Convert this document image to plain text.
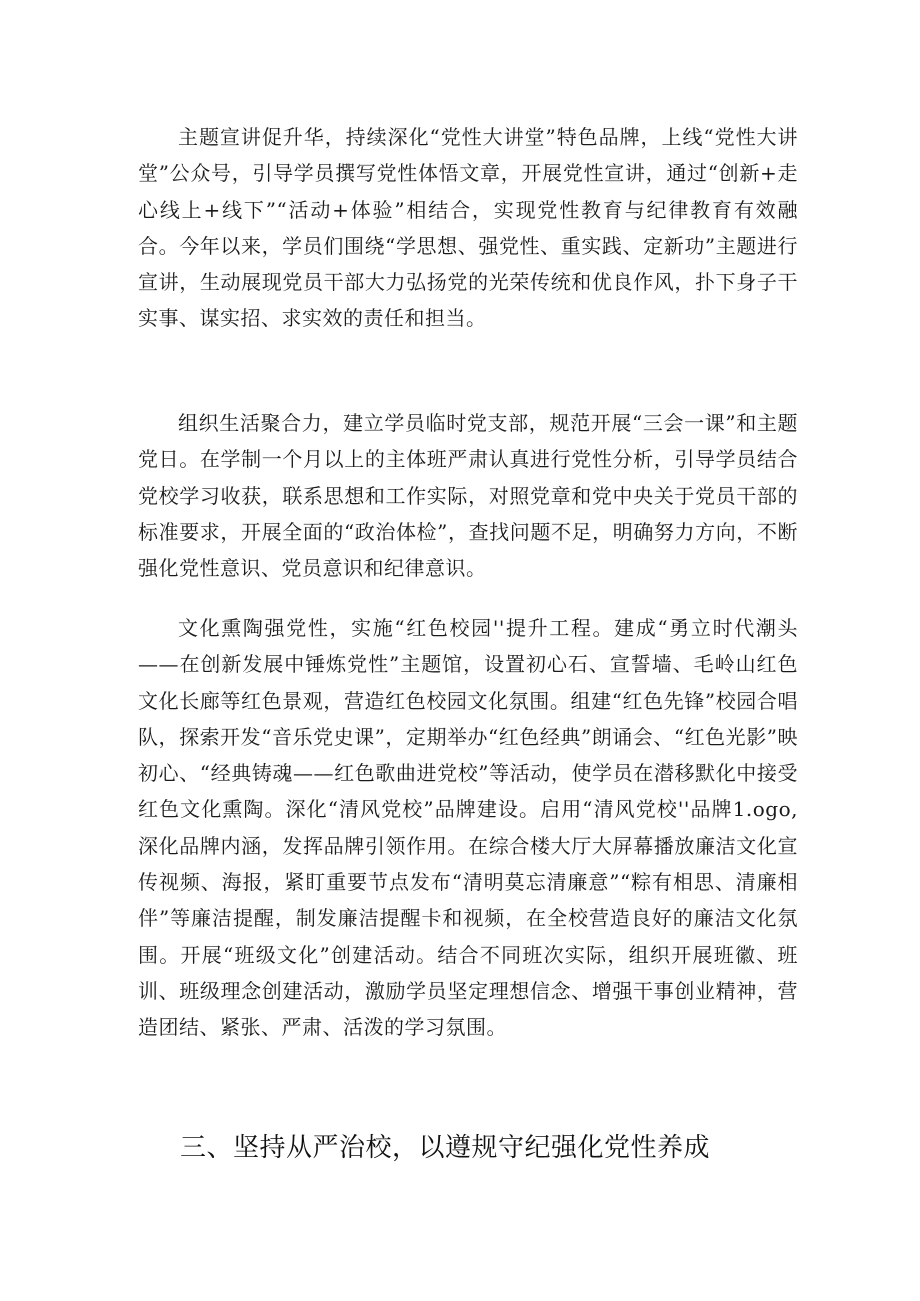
主题宣讲促升华，持续深化“党性大讲堂”特色品牌，上线“党性大讲堂”公众号，引导学员撰写党性体悟文章，开展党性宣讲，通过“创新+走心线上+线下”“活动+体验”相结合，实现党性教育与纪律教育有效融合。今年以来，学员们围绕“学思想、强党性、重实践、定新功”主题进行宣讲，生动展现党员干部大力弘扬党的光荣传统和优良作风，扑下身子干实事、谋实招、求实效的责任和担当。

组织生活聚合力，建立学员临时党支部，规范开展“三会一课”和主题党日。在学制一个月以上的主体班严肃认真进行党性分析，引导学员结合党校学习收获，联系思想和工作实际，对照党章和党中央关于党员干部的标准要求，开展全面的“政治体检”，查找问题不足，明确努力方向，不断强化党性意识、党员意识和纪律意识。

文化熏陶强党性，实施“红色校园''提升工程。建成“勇立时代潮头——在创新发展中锤炼党性”主题馆，设置初心石、宣誓墙、毛岭山红色文化长廊等红色景观，营造红色校园文化氛围。组建“红色先锋”校园合唱队，探索开发“音乐党史课”，定期举办“红色经典”朗诵会、“红色光影”映初心、“经典铸魂——红色歌曲进党校”等活动，使学员在潜移默化中接受红色文化熏陶。深化“清风党校”品牌建设。启用“清风党校''品牌1.ogo,深化品牌内涵，发挥品牌引领作用。在综合楼大厅大屏幕播放廉洁文化宣传视频、海报，紧盯重要节点发布“清明莫忘清廉意”“粽有相思、清廉相伴”等廉洁提醒，制发廉洁提醒卡和视频，在全校营造良好的廉洁文化氛围。开展“班级文化”创建活动。结合不同班次实际，组织开展班徽、班训、班级理念创建活动，激励学员坚定理想信念、增强干事创业精神，营造团结、紧张、严肃、活泼的学习氛围。

三、坚持从严治校，以遵规守纪强化党性养成
